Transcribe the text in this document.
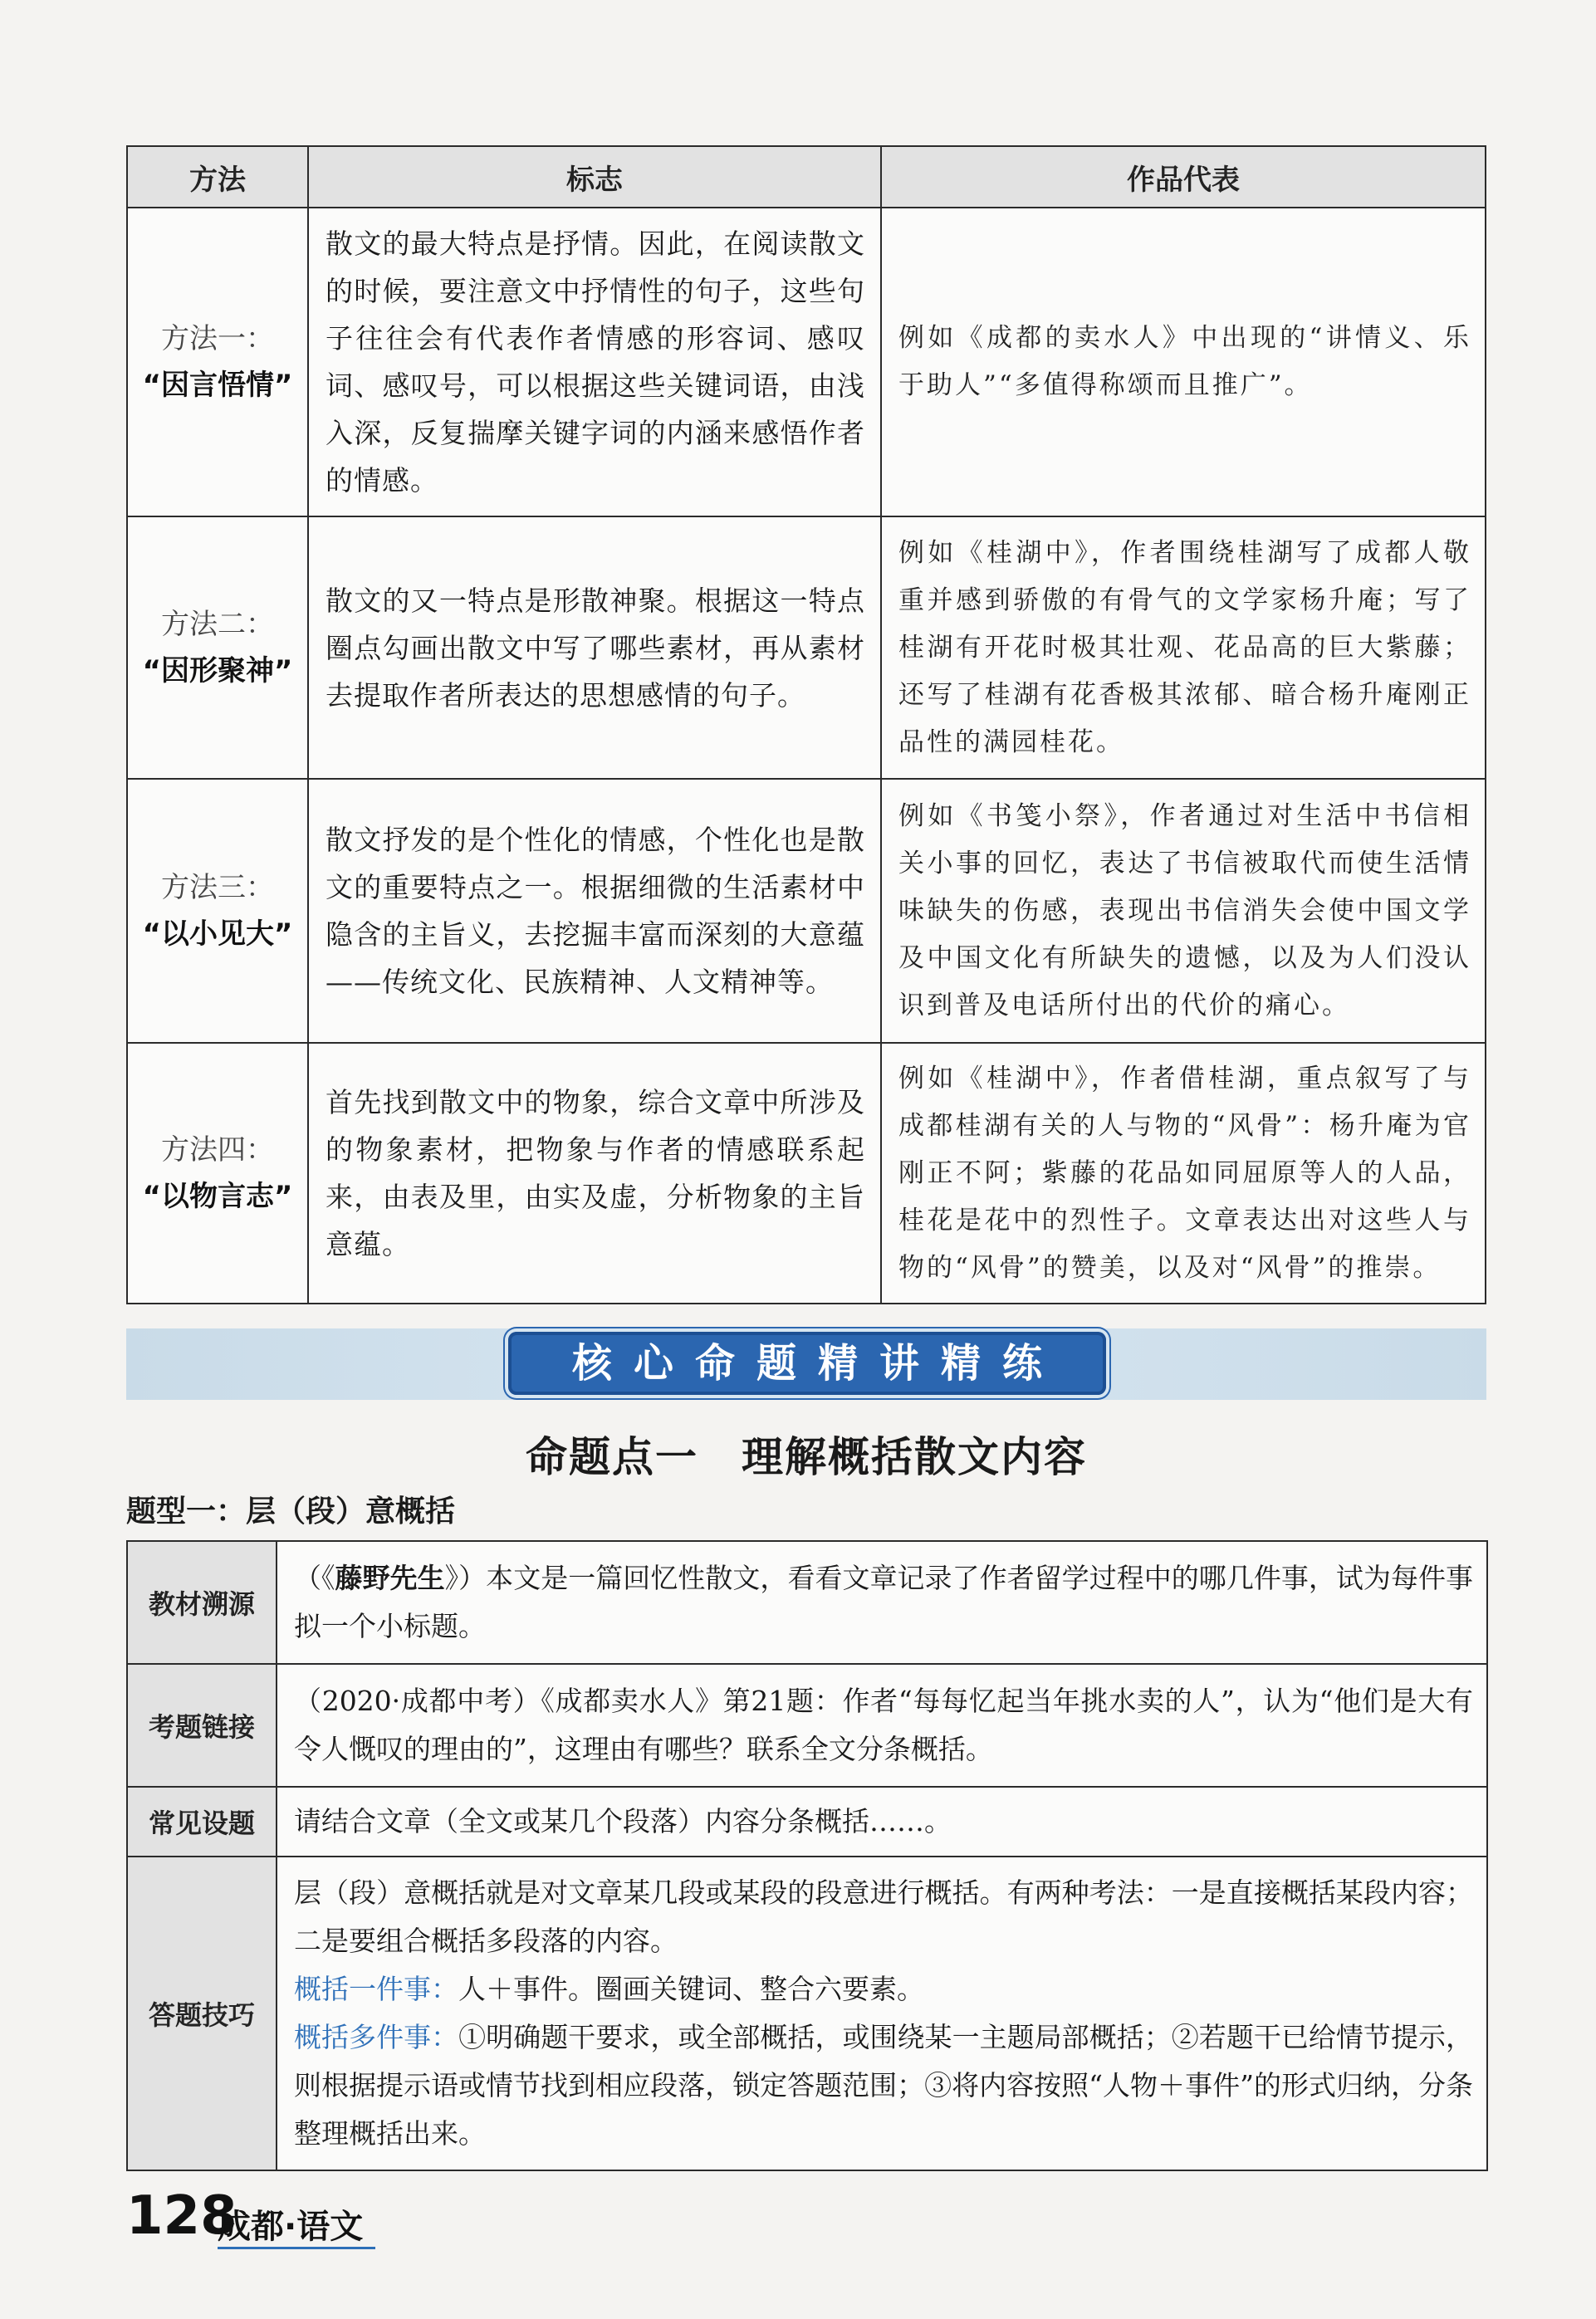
方法	标志	作品代表
方法一：
“因言悟情”	散文的最大特点是抒情。因此，在阅读散文的时候，要注意文中抒情性的句子，这些句子往往会有代表作者情感的形容词、感叹词、感叹号，可以根据这些关键词语，由浅入深，反复揣摩关键字词的内涵来感悟作者的情感。	例如《成都的卖水人》中出现的“讲情义、乐于助人”“多值得称颂而且推广”。
方法二：
“因形聚神”	散文的又一特点是形散神聚。根据这一特点圈点勾画出散文中写了哪些素材，再从素材去提取作者所表达的思想感情的句子。	例如《桂湖中》，作者围绕桂湖写了成都人敬重并感到骄傲的有骨气的文学家杨升庵；写了桂湖有开花时极其壮观、花品高的巨大紫藤；还写了桂湖有花香极其浓郁、暗合杨升庵刚正品性的满园桂花。
方法三：
“以小见大”	散文抒发的是个性化的情感，个性化也是散文的重要特点之一。根据细微的生活素材中隐含的主旨义，去挖掘丰富而深刻的大意蕴——传统文化、民族精神、人文精神等。	例如《书笺小祭》，作者通过对生活中书信相关小事的回忆，表达了书信被取代而使生活情味缺失的伤感，表现出书信消失会使中国文学及中国文化有所缺失的遗憾，以及为人们没认识到普及电话所付出的代价的痛心。
方法四：
“以物言志”	首先找到散文中的物象，综合文章中所涉及的物象素材，把物象与作者的情感联系起来，由表及里，由实及虚，分析物象的主旨意蕴。	例如《桂湖中》，作者借桂湖，重点叙写了与成都桂湖有关的人与物的“风骨”：杨升庵为官刚正不阿；紫藤的花品如同屈原等人的人品，桂花是花中的烈性子。文章表达出对这些人与物的“风骨”的赞美，以及对“风骨”的推崇。
核心命题精讲精练
命题点一　理解概括散文内容
题型一：层（段）意概括
教材溯源	（《藤野先生》）本文是一篇回忆性散文，看看文章记录了作者留学过程中的哪几件事，试为每件事拟一个小标题。
考题链接	（2020·成都中考）《成都卖水人》第21题：作者“每每忆起当年挑水卖的人”，认为“他们是大有令人慨叹的理由的”，这理由有哪些？联系全文分条概括。
常见设题	请结合文章（全文或某几个段落）内容分条概括……。
答题技巧	层（段）意概括就是对文章某几段或某段的段意进行概括。有两种考法：一是直接概括某段内容；二是要组合概括多段落的内容。
概括一件事：人＋事件。圈画关键词、整合六要素。
概括多件事：①明确题干要求，或全部概括，或围绕某一主题局部概括；②若题干已给情节提示，则根据提示语或情节找到相应段落，锁定答题范围；③将内容按照“人物＋事件”的形式归纳，分条整理概括出来。
128
成都·语文
